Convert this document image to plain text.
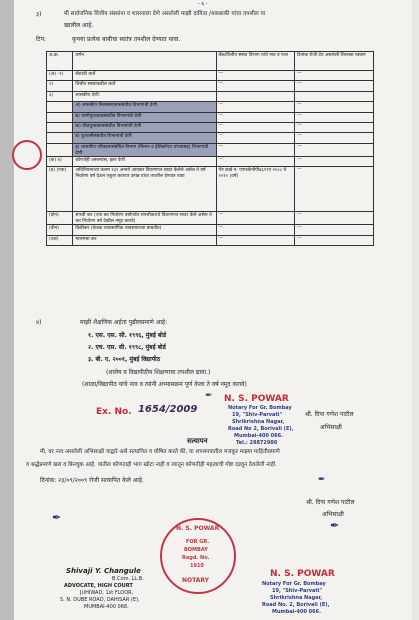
- ६ -
३)	मी सार्वजनिक वित्तीय संस्थांना व शासनाला देणे असलेली माझी दायित्व /थकबाकी यांचा तपशील या
खालील आहे.
टिप:	कृपया प्रत्येक बाबीचा स्वतंत्र तपशील देण्यात यावा.
अ.क्र.	वर्णन	बँक/वित्तीय संस्था विभाग यांचे नाव व पत्ता	दिनांक रोजी देय असलेली शिल्लक रक्कम
(अ) -१)	बँकांची कर्जे	—	—
२)	वित्तीय संस्थांकडील कर्जे	—	—
३)	शासकीय देणी:		
	अ) शासकीय निवासस्थानासंबंधीत विभागांची देणी	—	—
	ब) पाणीपुरवठ्यासंबंधीत विभागांची देणी	—	—
	क) वीजपुरवठ्यासंबंधीत विभागांची देणी	—	—
	ड) दूरध्वनीसंबंधीत विभागांची देणी	—	—
	इ) शासकीय परिवहनासंबंधित विभाग (विमान व हेलिकॉप्टर यांच्यासह) विभागांची देणी	—	—
(क) ४)	कोणतेही असल्यास, इतर देणी	—	—
(ड) (एक)	अधिनियमाच्या कलम १३९ अन्वये आयकर विवरणपत्र सादर केलेले असेल ते वर्ष निर्धारण वर्ष देऊन एकूण करपात्र उत्पन्न यांचा तपशील देण्यात यावा	पॅन कार्ड नं. एएफकेपीपी४६९९ए २००८ ते २०१० (वर्ष)	—
(दोन)	संपत्ती कर (ज्या कर निर्धारण वर्षापर्यंत संपत्तीकराचे विवरणपत्र सादर केले असेल ते कर निर्धारण वर्ष देखील नमूद करावे)	—	—
(तीन)	विक्रीकर (केवळ व्यावसायिक व्यवसायाच्या बाबतीत)	—	—
(चार)	मालमत्ता कर	—	—
४)	माझी शैक्षणिक अर्हता पुढीलप्रमाणे आहे:
१. एस. एस. सी. १९९६, मुंबई बोर्ड
२. एच. एस. सी. १९९८, मुंबई बोर्ड
३. बी. ए. २००१, मुंबई विद्यापीठ
(शालेय व विद्यापीठीय शिक्षणाचा तपशील द्यावा.)
(शाळा/विद्यापीठ यांचे नाव व त्यांनी अभ्यासक्रम पूर्ण केला ते वर्ष नमूद करावे)
Ex. No. 1654/2009
✒
श्री. दिपा गणेश पाटील
अभिसाक्षी
N. S. POWAR
Notary For Gr. Bombay
19, "Shiv-Parvati"
Shrikrishna Nagar,
Road No 2, Borivali (E),
Mumbai-400 066.
Tel.: 28872986
सत्यापन
मी, वर नाव असलेली अभिसाक्षी याद्वारे असे सत्यापित व घोषित करते की, या शपथपत्रातील मजकूर माझ्या माहितीप्रमाणे
व श्रद्धेप्रमाणे खरा व बिनचूक आहे. यातील कोणताही भाग खोटा नाही व त्यातून कोणतीही महत्वाची गोष्ट दडवून ठेवलेली नाही.
दिनांक: २३/०९/२००९ रोजी सत्यापित केले आहे.	✒
श्री. दिपा गणेश पाटील
अभिसाक्षी
✒
Shivaji Y. Changule
B.Com. LL.B.
ADVOCATE, HIGH COURT
JUHIWAD, 1st FLOOR,
S. N. DUBE ROAD, DAHISAR (E),
MUMBAI-400 068.
N. S. POWAR
FOR GR.
BOMBAY
Regd. No.
1910
NOTARY
✒
N. S. POWAR
Notary For Gr. Bombay
19, "Shiv-Parvati"
Shrikrishna Nagar,
Road No. 2, Borivali (E),
Mumbai-400 066.
